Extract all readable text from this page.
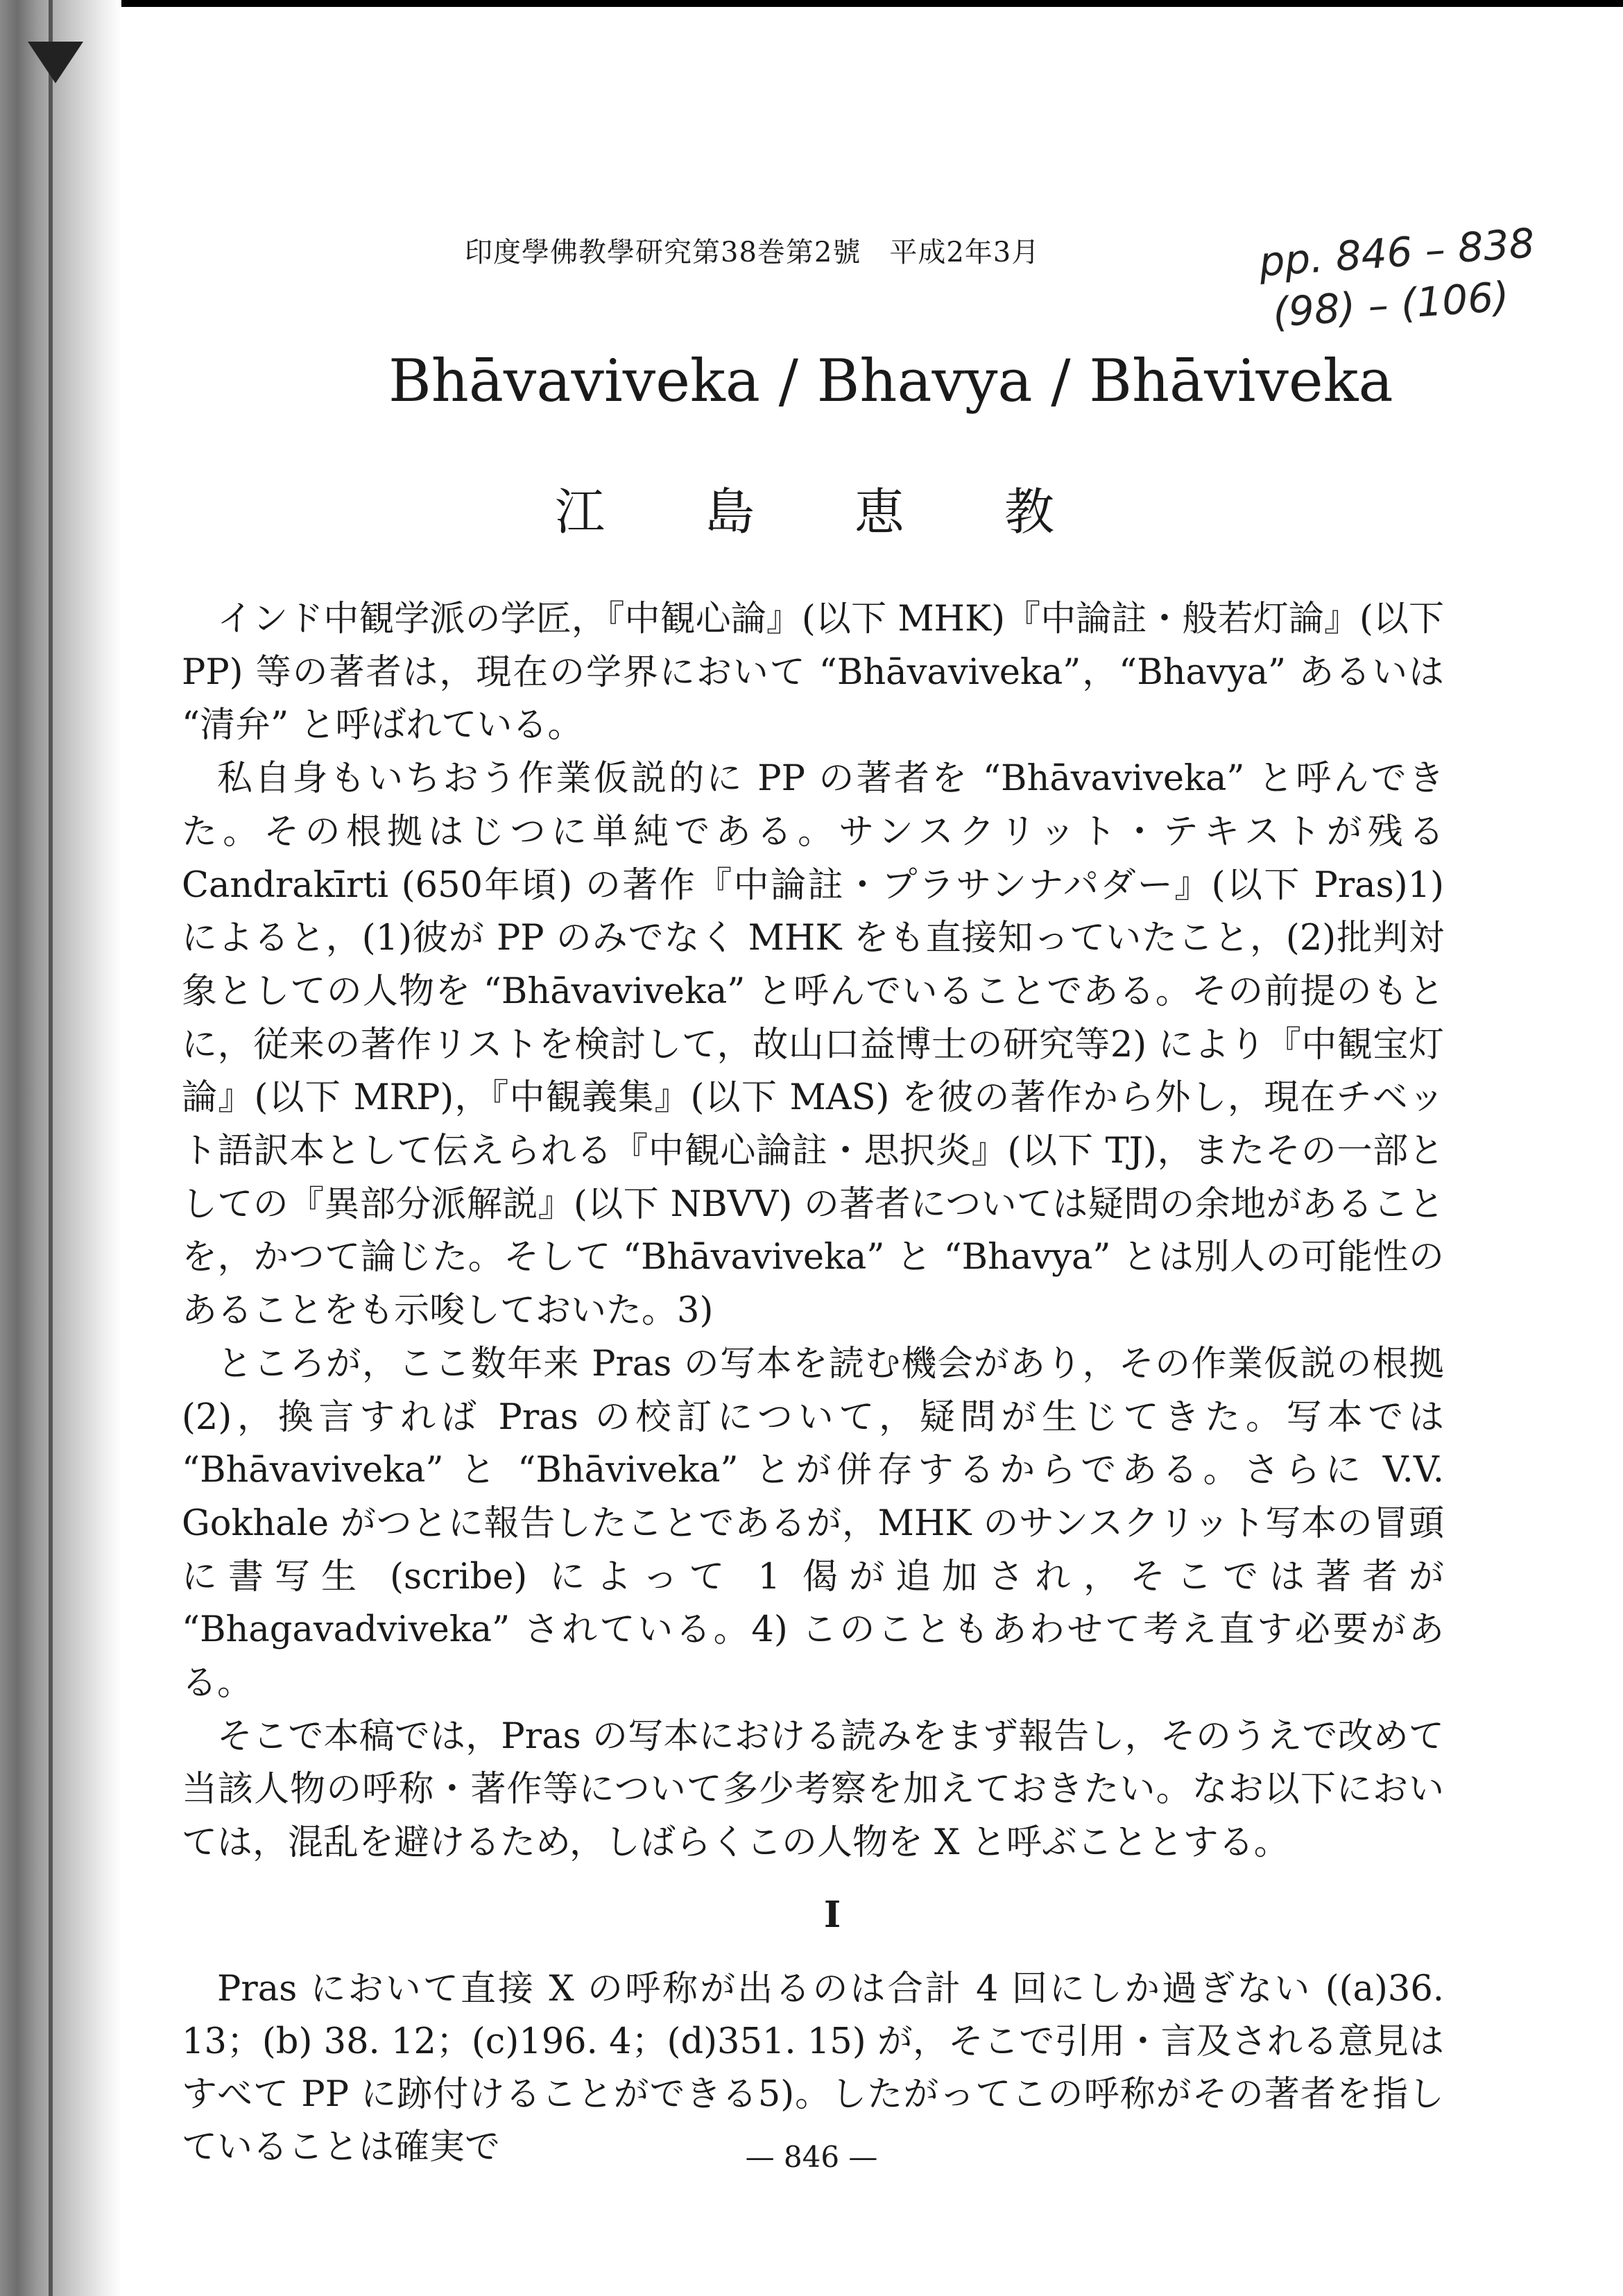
印度學佛教學研究第38巻第2號　平成2年3月	pp. 846 – 838
(98) – (106)
Bhāvaviveka / Bhavya / Bhāviveka
江 島 恵 教

インド中観学派の学匠，『中観心論』(以下 MHK)『中論註・般若灯論』(以下 PP) 等の著者は，現在の学界において “Bhāvaviveka”，“Bhavya” あるいは “清弁” と呼ばれている。

私自身もいちおう作業仮説的に PP の著者を “Bhāvaviveka” と呼んできた。その根拠はじつに単純である。サンスクリット・テキストが残る Candrakīrti (650年頃) の著作『中論註・プラサンナパダー』(以下 Pras)1) によると，(1)彼が PP のみでなく MHK をも直接知っていたこと，(2)批判対象としての人物を “Bhāvaviveka” と呼んでいることである。その前提のもとに，従来の著作リストを検討して，故山口益博士の研究等2) により『中観宝灯論』(以下 MRP)，『中観義集』(以下 MAS) を彼の著作から外し，現在チベット語訳本として伝えられる『中観心論註・思択炎』(以下 TJ)，またその一部としての『異部分派解説』(以下 NBVV) の著者については疑問の余地があることを，かつて論じた。そして “Bhāvaviveka” と “Bhavya” とは別人の可能性のあることをも示唆しておいた。3)

ところが，ここ数年来 Pras の写本を読む機会があり，その作業仮説の根拠(2)，換言すれば Pras の校訂について，疑問が生じてきた。写本では “Bhāvaviveka” と “Bhāviveka” とが併存するからである。さらに V.V. Gokhale がつとに報告したことであるが，MHK のサンスクリット写本の冒頭に書写生 (scribe) によって 1 偈が追加され，そこでは著者が “Bhagavadviveka” されている。4) このこともあわせて考え直す必要がある。

そこで本稿では，Pras の写本における読みをまず報告し，そのうえで改めて当該人物の呼称・著作等について多少考察を加えておきたい。なお以下においては，混乱を避けるため，しばらくこの人物を X と呼ぶこととする。

I

Pras において直接 X の呼称が出るのは合計 4 回にしか過ぎない ((a)36. 13；(b) 38. 12；(c)196. 4；(d)351. 15) が，そこで引用・言及される意見はすべて PP に跡付けることができる5)。したがってこの呼称がその著者を指していることは確実で	— 846 —
